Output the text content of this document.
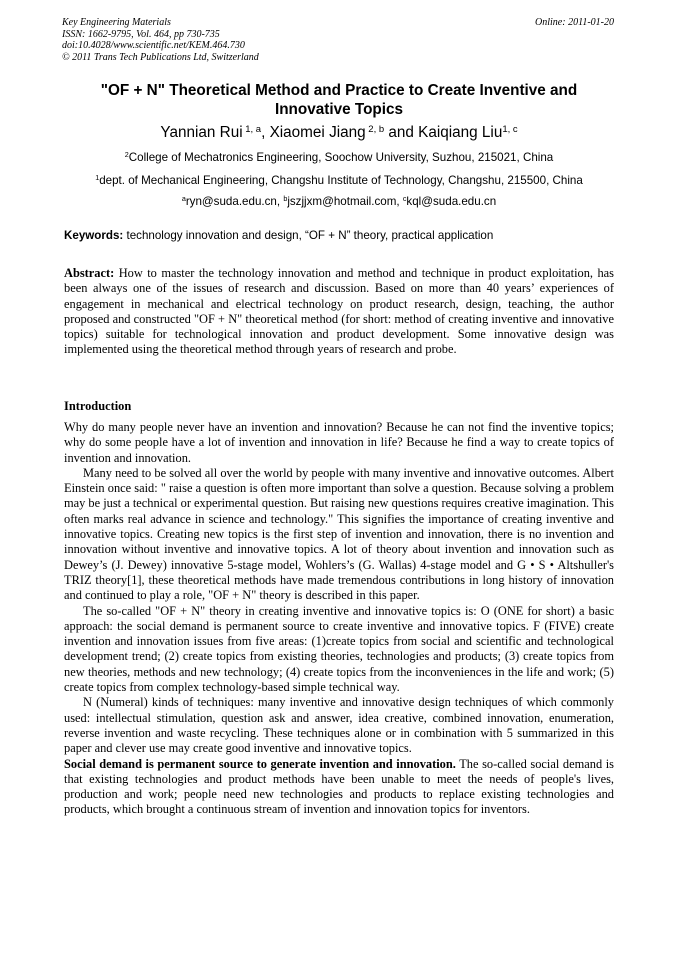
Key Engineering Materials
ISSN: 1662-9795, Vol. 464, pp 730-735
doi:10.4028/www.scientific.net/KEM.464.730
© 2011 Trans Tech Publications Ltd, Switzerland
Online: 2011-01-20
"OF + N" Theoretical Method and Practice to Create Inventive and
Innovative Topics
Yannian Rui $^{1, a}$, Xiaomei Jiang $^{2, b}$ and Kaiqiang Liu$^{1, c}$
$^2$College of Mechatronics Engineering, Soochow University, Suzhou, 215021, China
$^1$dept. of Mechanical Engineering, Changshu Institute of Technology, Changshu, 215500, China
$^a$ryn@suda.edu.cn, $^b$jszjjxm@hotmail.com, $^c$kql@suda.edu.cn
Keywords: technology innovation and design, “OF + N” theory, practical application
Abstract: How to master the technology innovation and method and technique in product exploitation, has been always one of the issues of research and discussion. Based on more than 40 years’ experiences of engagement in mechanical and electrical technology on product research, design, teaching, the author proposed and constructed "OF + N" theoretical method (for short: method of creating inventive and innovative topics) suitable for technological innovation and product development. Some innovative design was implemented using the theoretical method through years of research and probe.
Introduction

Why do many people never have an invention and innovation? Because he can not find the inventive topics; why do some people have a lot of invention and innovation in life? Because he find a way to create topics of invention and innovation.

Many need to be solved all over the world by people with many inventive and innovative outcomes. Albert Einstein once said: " raise a question is often more important than solve a question. Because solving a problem may be just a technical or experimental question. But raising new questions requires creative imagination. This often marks real advance in science and technology." This signifies the importance of creating inventive and innovative topics. Creating new topics is the first step of invention and innovation, there is no invention and innovation without inventive and innovative topics. A lot of theory about invention and innovation such as Dewey’s (J. Dewey) innovative 5-stage model, Wohlers’s (G. Wallas) 4-stage model and G • S • Altshuller's TRIZ theory[1], these theoretical methods have made tremendous contributions in long history of innovation and continued to play a role, "OF + N" theory is described in this paper.

The so-called "OF + N" theory in creating inventive and innovative topics is: O (ONE for short) a basic approach: the social demand is permanent source to create inventive and innovative topics. F (FIVE) create invention and innovation issues from five areas: (1)create topics from social and scientific and technological development trend; (2) create topics from existing theories, technologies and products; (3) create topics from new theories, methods and new technology; (4) create topics from the inconveniences in the life and work; (5) create topics from complex technology-based simple technical way.

N (Numeral) kinds of techniques: many inventive and innovative design techniques of which commonly used: intellectual stimulation, question ask and answer, idea creative, combined innovation, enumeration, reverse invention and waste recycling. These techniques alone or in combination with 5 summarized in this paper and clever use may create good inventive and innovative topics.

Social demand is permanent source to generate invention and innovation. The so-called social demand is that existing technologies and product methods have been unable to meet the needs of people's lives, production and work; people need new technologies and products to replace existing technologies and products, which brought a continuous stream of invention and innovation topics for inventors.
